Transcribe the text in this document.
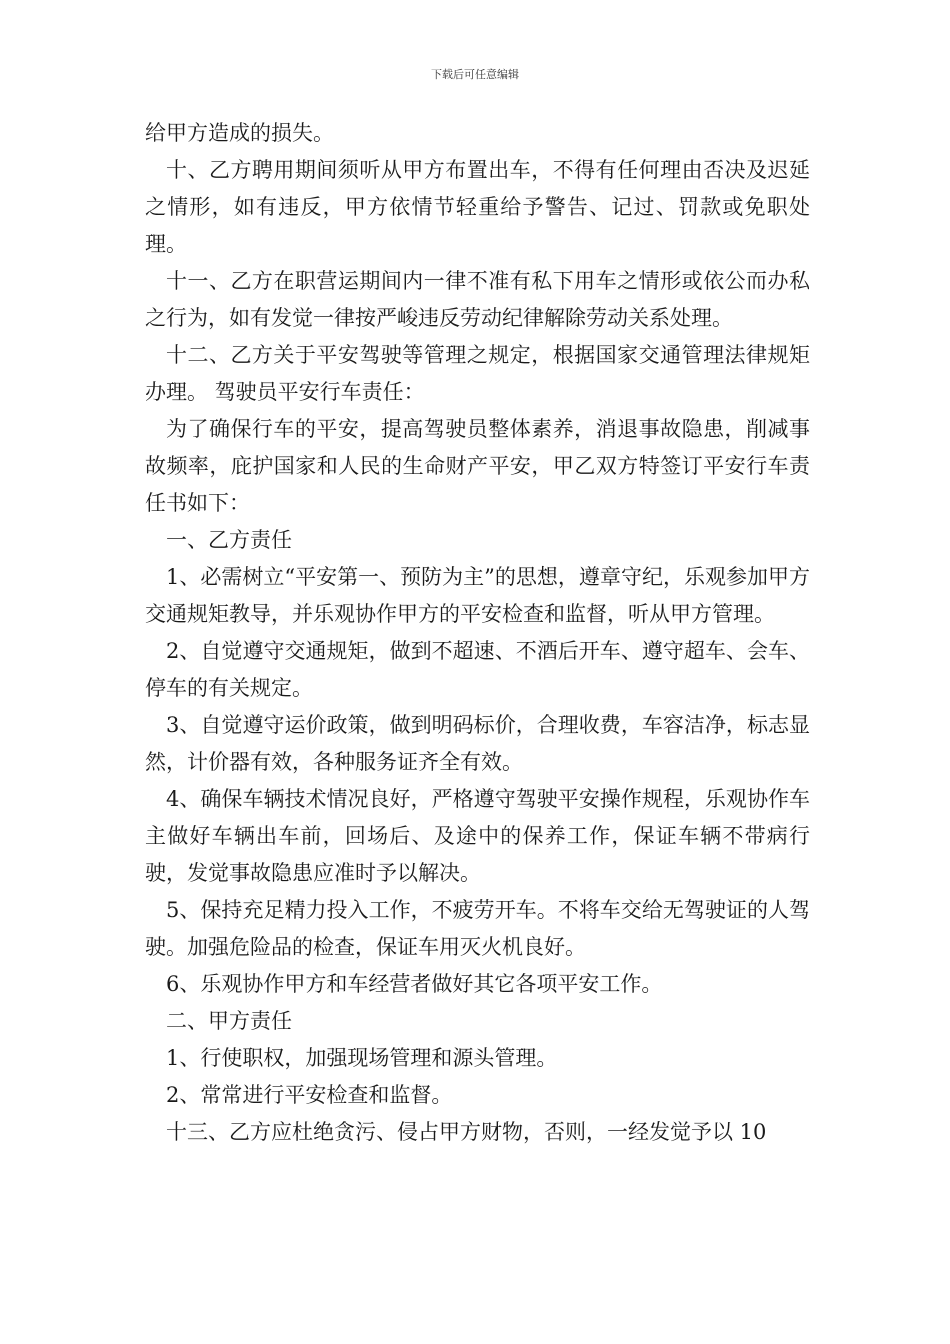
下载后可任意编辑

给甲方造成的损失。

十、乙方聘用期间须听从甲方布置出车，不得有任何理由否决及迟延之情形，如有违反，甲方依情节轻重给予警告、记过、罚款或免职处理。

十一、乙方在职营运期间内一律不准有私下用车之情形或依公而办私之行为，如有发觉一律按严峻违反劳动纪律解除劳动关系处理。

十二、乙方关于平安驾驶等管理之规定，根据国家交通管理法律规矩办理。 驾驶员平安行车责任：

为了确保行车的平安，提高驾驶员整体素养，消退事故隐患，削减事故频率，庇护国家和人民的生命财产平安，甲乙双方特签订平安行车责任书如下：

一、乙方责任

1、必需树立“平安第一、预防为主”的思想，遵章守纪，乐观参加甲方交通规矩教导，并乐观协作甲方的平安检查和监督，听从甲方管理。

2、自觉遵守交通规矩，做到不超速、不酒后开车、遵守超车、会车、停车的有关规定。

3、自觉遵守运价政策，做到明码标价，合理收费，车容洁净，标志显然，计价器有效，各种服务证齐全有效。

4、确保车辆技术情况良好，严格遵守驾驶平安操作规程，乐观协作车主做好车辆出车前，回场后、及途中的保养工作，保证车辆不带病行驶，发觉事故隐患应准时予以解决。

5、保持充足精力投入工作，不疲劳开车。不将车交给无驾驶证的人驾驶。加强危险品的检查，保证车用灭火机良好。

6、乐观协作甲方和车经营者做好其它各项平安工作。

二、甲方责任

1、行使职权，加强现场管理和源头管理。

2、常常进行平安检查和监督。

十三、乙方应杜绝贪污、侵占甲方财物，否则，一经发觉予以 10
